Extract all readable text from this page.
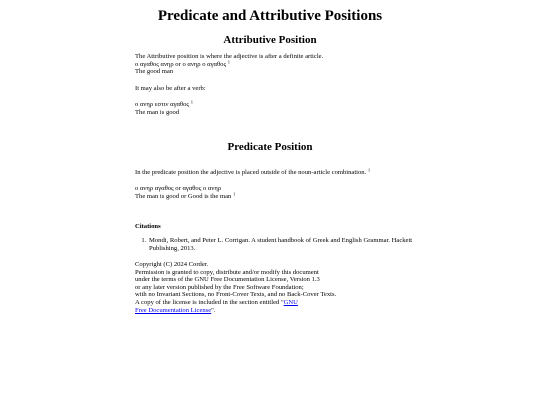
Predicate and Attributive Positions
Attributive Position

The Attributive position is where the adjective is after a definite article.

ο αγαθος ανηρ or ο ανηρ ο αγαθος $^1$

The good man

It may also be after a verb:

ο ανηρ εστιν αγαθος $^1$

The man is good

Predicate Position

In the predicate position the adjective is placed outside of the noun-article combination. $^1$

ο ανηρ αγαθος or αγαθος ο ανηρ

The man is good or Good is the man $^1$

Citations
1. Mondi, Robert, and Peter L. Corrigan. A student handbook of Greek and English Grammar. Hackett Publishing, 2013.
Copyright (C) 2024 Corder.
Permission is granted to copy, distribute and/or modify this document
under the terms of the GNU Free Documentation License, Version 1.3
or any later version published by the Free Software Foundation;
with no Invariant Sections, no Front-Cover Texts, and no Back-Cover Texts.
A copy of the license is included in the section entitled "GNU
Free Documentation License".
